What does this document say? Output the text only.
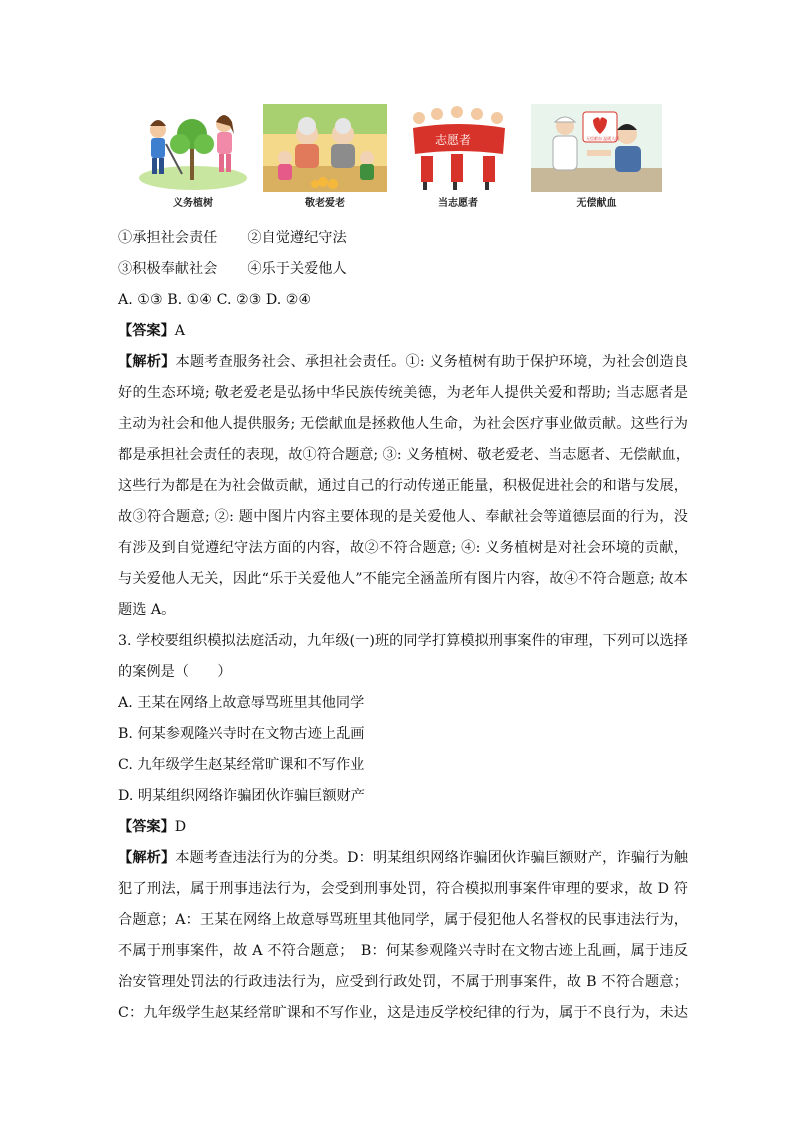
义务植树	敬老爱老
志愿者
当志愿者
无偿献血 温暖人间
无偿献血
①承担社会责任 ②自觉遵纪守法
③积极奉献社会 ④乐于关爱他人
A. ①③ B. ①④ C. ②③ D. ②④
【答案】A
【解析】本题考查服务社会、承担社会责任。①: 义务植树有助于保护环境，为社会创造良
好的生态环境; 敬老爱老是弘扬中华民族传统美德，为老年人提供关爱和帮助; 当志愿者是
主动为社会和他人提供服务; 无偿献血是拯救他人生命，为社会医疗事业做贡献。这些行为
都是承担社会责任的表现，故①符合题意; ③: 义务植树、敬老爱老、当志愿者、无偿献血，
这些行为都是在为社会做贡献，通过自己的行动传递正能量，积极促进社会的和谐与发展，
故③符合题意; ②: 题中图片内容主要体现的是关爱他人、奉献社会等道德层面的行为，没
有涉及到自觉遵纪守法方面的内容，故②不符合题意; ④: 义务植树是对社会环境的贡献，
与关爱他人无关，因此“乐于关爱他人”不能完全涵盖所有图片内容，故④不符合题意; 故本
题选 A。
3. 学校要组织模拟法庭活动，九年级(一)班的同学打算模拟刑事案件的审理，下列可以选择
的案例是（　　）
A. 王某在网络上故意辱骂班里其他同学
B. 何某参观隆兴寺时在文物古迹上乱画
C. 九年级学生赵某经常旷课和不写作业
D. 明某组织网络诈骗团伙诈骗巨额财产
【答案】D
【解析】本题考查违法行为的分类。D：明某组织网络诈骗团伙诈骗巨额财产，诈骗行为触
犯了刑法，属于刑事违法行为，会受到刑事处罚，符合模拟刑事案件审理的要求，故 D 符
合题意；A：王某在网络上故意辱骂班里其他同学，属于侵犯他人名誉权的民事违法行为，
不属于刑事案件，故 A 不符合题意；　B：何某参观隆兴寺时在文物古迹上乱画，属于违反
治安管理处罚法的行政违法行为，应受到行政处罚，不属于刑事案件，故 B 不符合题意；
C：九年级学生赵某经常旷课和不写作业，这是违反学校纪律的行为，属于不良行为，未达
